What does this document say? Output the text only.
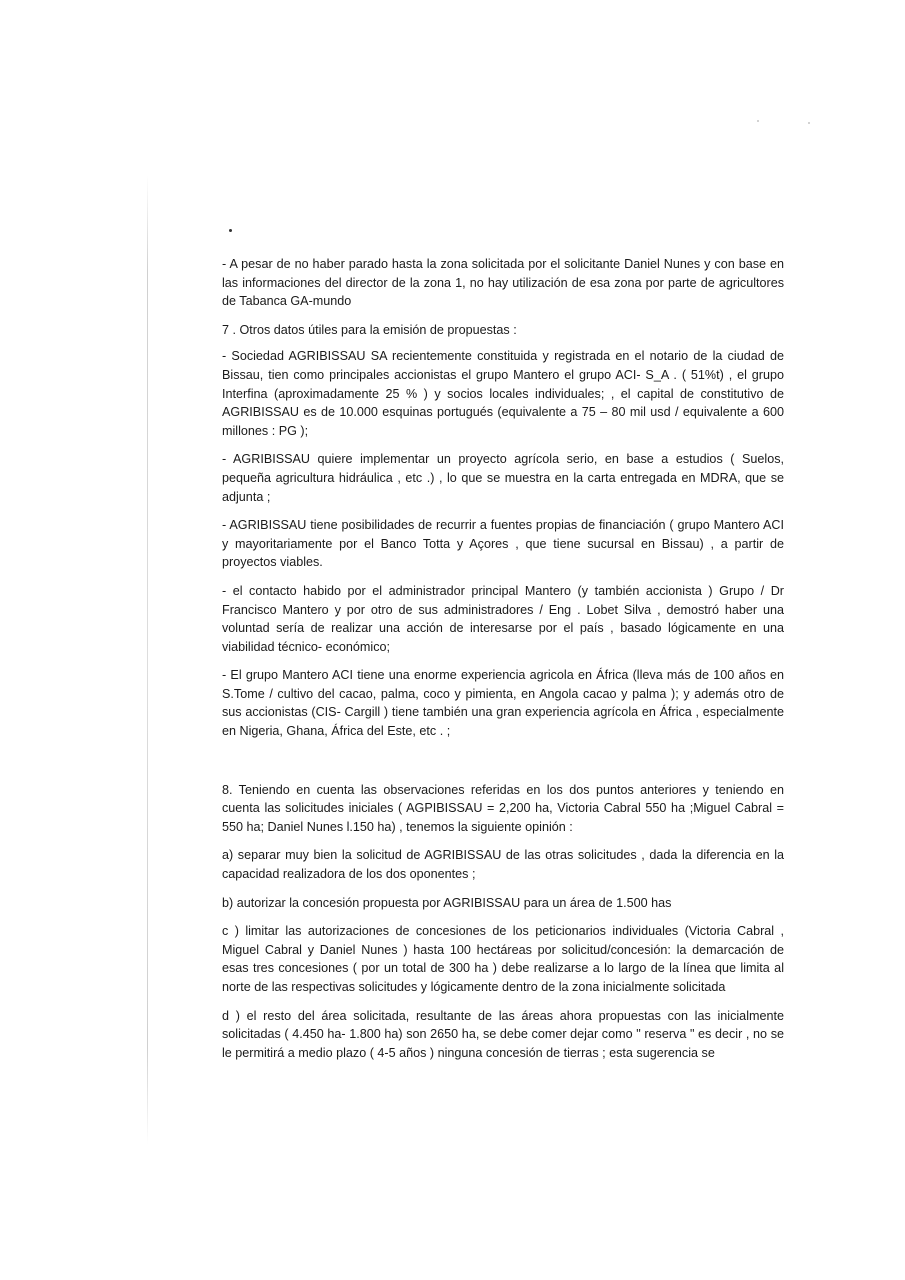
- A pesar de no haber parado hasta la zona solicitada por el solicitante Daniel Nunes y con base en las informaciones del director de la zona 1, no hay utilización de esa zona por parte de agricultores de Tabanca GA-mundo

7 . Otros datos útiles para la emisión de propuestas :

- Sociedad AGRIBISSAU SA recientemente constituida y registrada en el notario de la ciudad de Bissau, tien como principales accionistas el grupo Mantero el grupo ACI- S_A . ( 51%t) , el grupo Interfina (aproximadamente 25 % ) y socios locales individuales; , el capital de constitutivo de AGRIBISSAU es de 10.000 esquinas portugués (equivalente a 75 – 80 mil usd / equivalente a 600 millones : PG );

- AGRIBISSAU quiere implementar un proyecto agrícola serio, en base a estudios ( Suelos, pequeña agricultura hidráulica , etc .) , lo que se muestra en la carta entregada en MDRA, que se adjunta ;

- AGRIBISSAU tiene posibilidades de recurrir a fuentes propias de financiación ( grupo Mantero ACI y mayoritariamente por el Banco Totta y Açores , que tiene sucursal en Bissau) , a partir de proyectos viables.

- el contacto habido por el administrador principal Mantero (y también accionista ) Grupo / Dr Francisco Mantero y por otro de sus administradores / Eng . Lobet Silva , demostró haber una voluntad sería de realizar una acción de interesarse por el país , basado lógicamente en una viabilidad técnico- económico;

- El grupo Mantero ACI tiene una enorme experiencia agricola en África (lleva más de 100 años en S.Tome / cultivo del cacao, palma, coco y pimienta, en Angola cacao y palma ); y además otro de sus accionistas (CIS- Cargill ) tiene también una gran experiencia agrícola en África , especialmente en Nigeria, Ghana, África del Este, etc . ;

8. Teniendo en cuenta las observaciones referidas en los dos puntos anteriores y teniendo en cuenta las solicitudes iniciales ( AGPIBISSAU = 2,200 ha, Victoria Cabral 550 ha ;Miguel Cabral = 550 ha; Daniel Nunes l.150 ha) , tenemos la siguiente opinión :

a) separar muy bien la solicitud de AGRIBISSAU de las otras solicitudes , dada la diferencia en la capacidad realizadora de los dos oponentes ;

b) autorizar la concesión propuesta por AGRIBISSAU para un área de 1.500 has

c ) limitar las autorizaciones de concesiones de los peticionarios individuales (Victoria Cabral , Miguel Cabral y Daniel Nunes ) hasta 100 hectáreas por solicitud/concesión: la demarcación de esas tres concesiones ( por un total de 300 ha ) debe realizarse a lo largo de la línea que limita al norte de las respectivas solicitudes y lógicamente dentro de la zona inicialmente solicitada

d ) el resto del área solicitada, resultante de las áreas ahora propuestas con las inicialmente solicitadas ( 4.450 ha- 1.800 ha) son 2650 ha, se debe comer dejar como " reserva " es decir , no se le permitirá a medio plazo ( 4-5 años ) ninguna concesión de tierras ; esta sugerencia se
